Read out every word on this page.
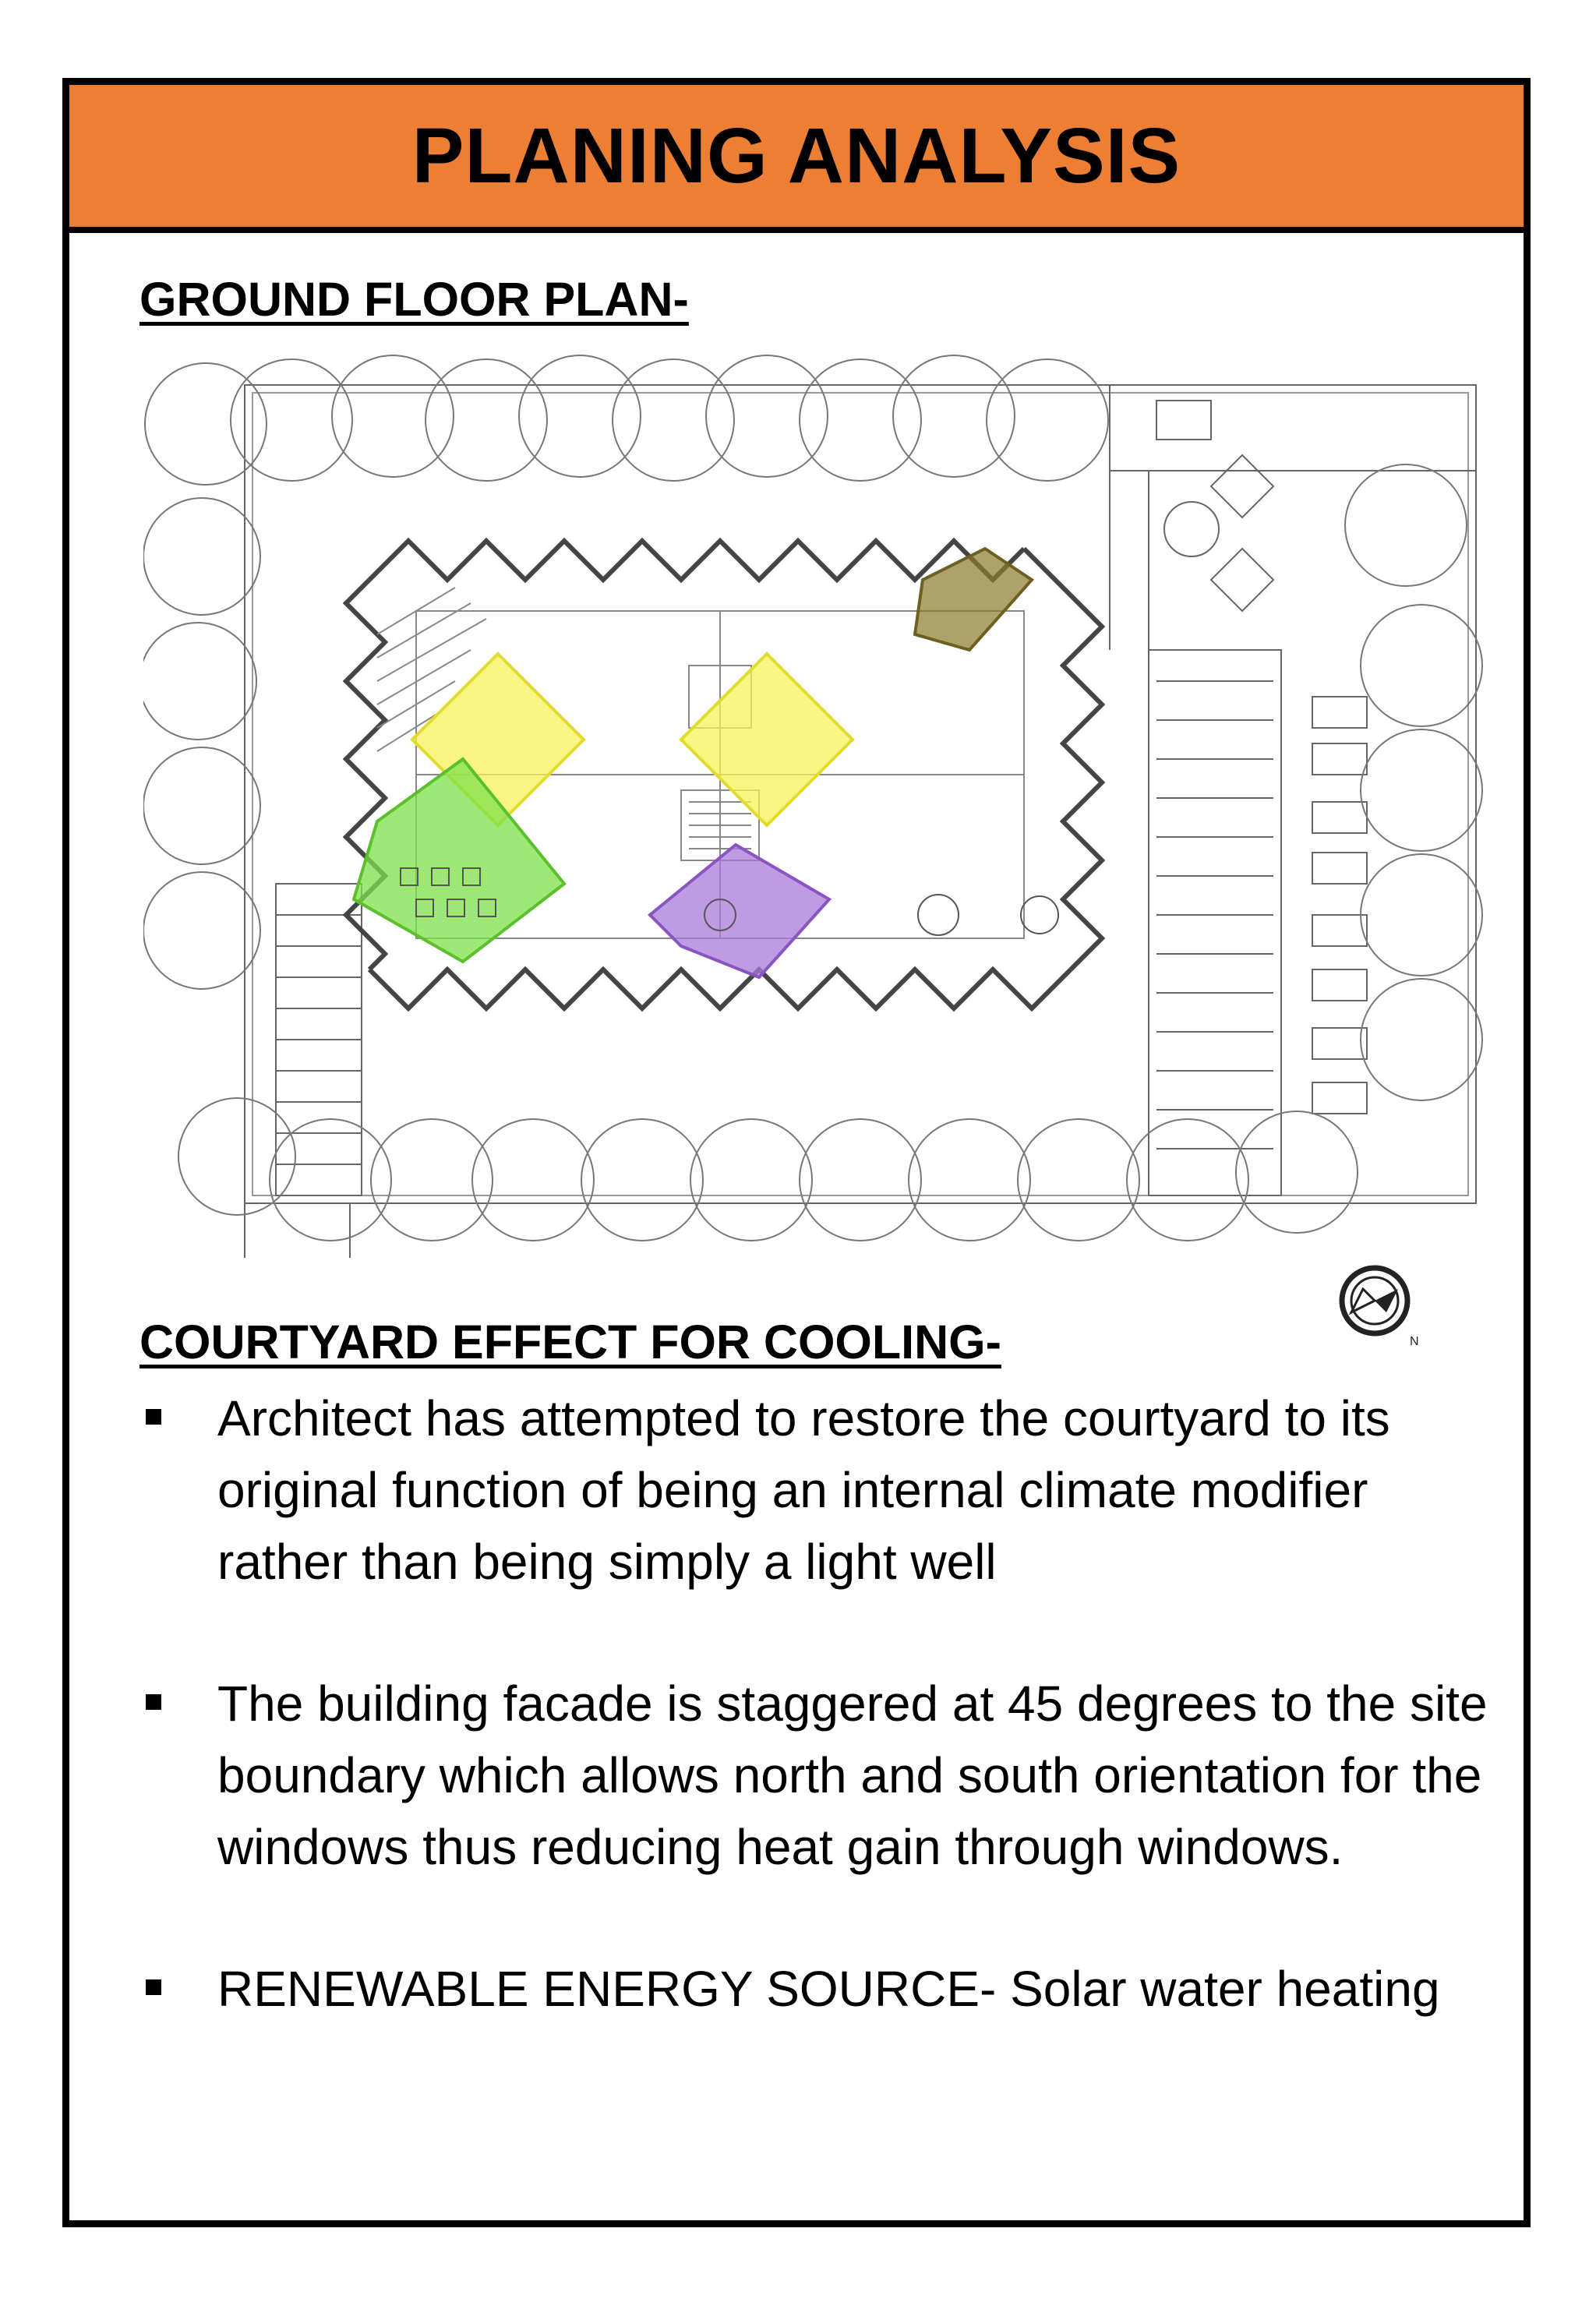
PLANING ANALYSIS
GROUND FLOOR PLAN-
N
COURTYARD EFFECT FOR COOLING-
Architect has attempted to restore the courtyard to its original function of being an internal climate modifier rather than being simply a light well
The building facade is staggered at 45 degrees to the site boundary which allows north and south orientation for the windows thus reducing heat gain through windows.
RENEWABLE ENERGY SOURCE- Solar water heating
